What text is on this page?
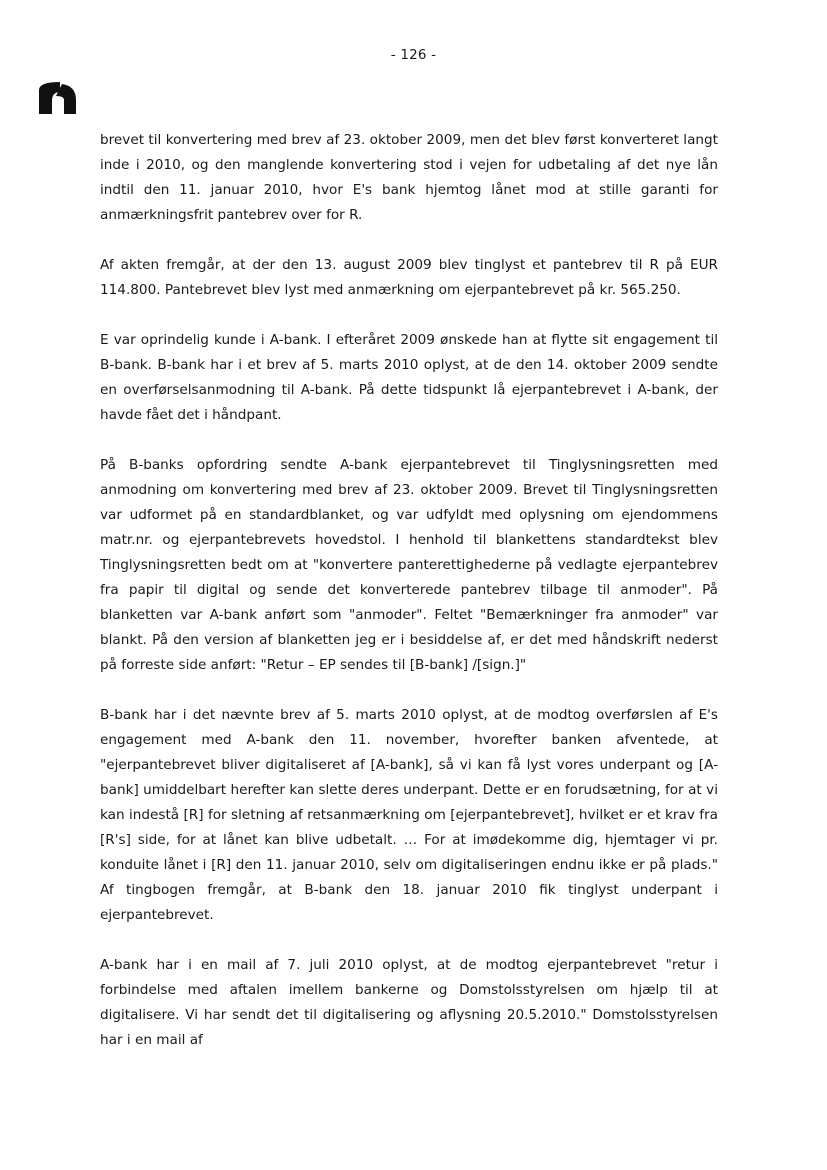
- 126 -

brevet til konvertering med brev af 23. oktober 2009, men det blev først konverteret langt inde i 2010, og den manglende konvertering stod i vejen for udbetaling af det nye lån indtil den 11. januar 2010, hvor E's bank hjemtog lånet mod at stille garanti for anmærkningsfrit pantebrev over for R.

Af akten fremgår, at der den 13. august 2009 blev tinglyst et pantebrev til R på EUR 114.800. Pantebrevet blev lyst med anmærkning om ejerpantebrevet på kr. 565.250.

E var oprindelig kunde i A-bank. I efteråret 2009 ønskede han at flytte sit engagement til B-bank. B-bank har i et brev af 5. marts 2010 oplyst, at de den 14. oktober 2009 sendte en overførselsanmodning til A-bank. På dette tidspunkt lå ejerpantebrevet i A-bank, der havde fået det i håndpant.

På B-banks opfordring sendte A-bank ejerpantebrevet til Tinglysningsretten med anmodning om konvertering med brev af 23. oktober 2009. Brevet til Tinglysningsretten var udformet på en standardblanket, og var udfyldt med oplysning om ejendommens matr.nr. og ejerpantebrevets hovedstol. I henhold til blankettens standardtekst blev Tinglysningsretten bedt om at "konvertere panterettighederne på vedlagte ejerpantebrev fra papir til digital og sende det konverterede pantebrev tilbage til anmoder". På blanketten var A-bank anført som "anmoder". Feltet "Bemærkninger fra anmoder" var blankt. På den version af blanketten jeg er i besiddelse af, er det med håndskrift nederst på forreste side anført: "Retur – EP sendes til [B-bank] /[sign.]"

B-bank har i det nævnte brev af 5. marts 2010 oplyst, at de modtog overførslen af E's engagement med A-bank den 11. november, hvorefter banken afventede, at "ejerpantebrevet bliver digitaliseret af [A-bank], så vi kan få lyst vores underpant og [A-bank] umiddelbart herefter kan slette deres underpant. Dette er en forudsætning, for at vi kan indestå [R] for sletning af retsanmærkning om [ejerpantebrevet], hvilket er et krav fra [R's] side, for at lånet kan blive udbetalt. … For at imødekomme dig, hjemtager vi pr. konduite lånet i [R] den 11. januar 2010, selv om digitaliseringen endnu ikke er på plads." Af tingbogen fremgår, at B-bank den 18. januar 2010 fik tinglyst underpant i ejerpantebrevet.

A-bank har i en mail af 7. juli 2010 oplyst, at de modtog ejerpantebrevet "retur i forbindelse med aftalen imellem bankerne og Domstolsstyrelsen om hjælp til at digitalisere. Vi har sendt det til digitalisering og aflysning 20.5.2010." Domstolsstyrelsen har i en mail af
